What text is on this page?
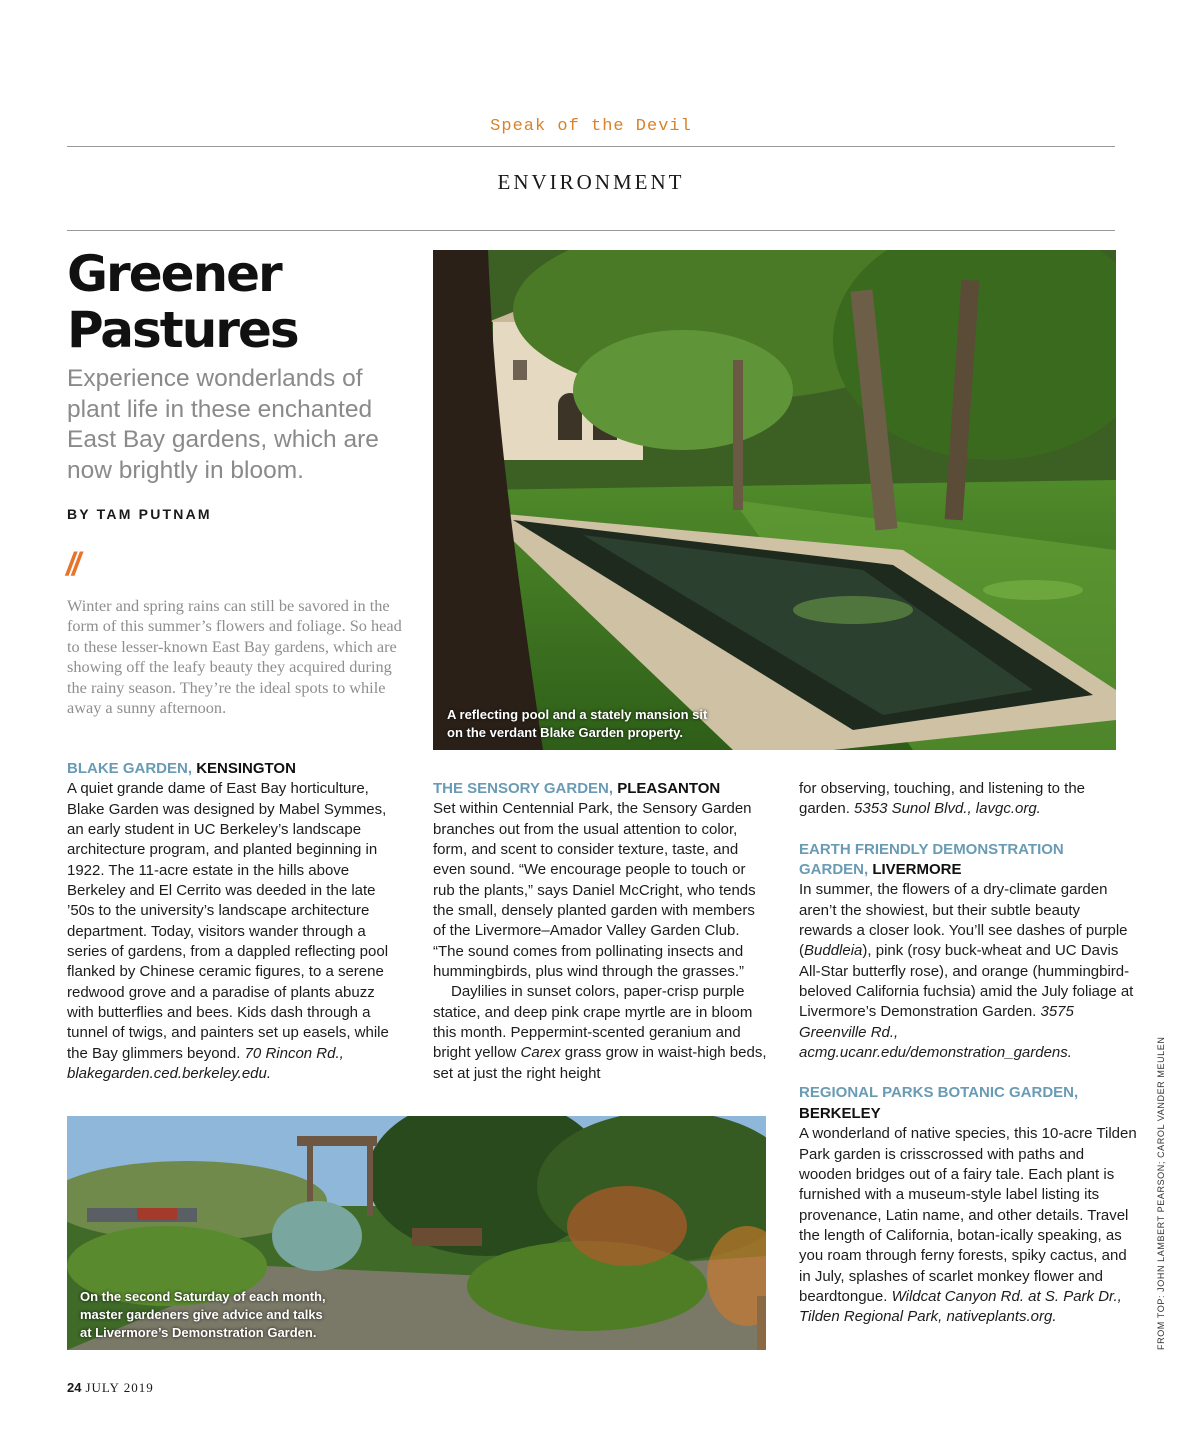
Speak of the Devil
ENVIRONMENT
Greener
Pastures
Experience wonderlands of plant life in these enchanted East Bay gardens, which are now brightly in bloom.
BY TAM PUTNAM
//
Winter and spring rains can still be savored in the form of this summer’s flowers and foliage. So head to these lesser-known East Bay gardens, which are showing off the leafy beauty they acquired during the rainy season. They’re the ideal spots to while away a sunny afternoon.	A reflecting pool and a stately mansion sit
on the verdant Blake Garden property.

BLAKE GARDEN, KENSINGTON

A quiet grande dame of East Bay horticulture, Blake Garden was designed by Mabel Symmes, an early student in UC Berkeley’s landscape architecture program, and planted beginning in 1922. The 11-acre estate in the hills above Berkeley and El Cerrito was deeded in the late ’50s to the university’s landscape architecture department. Today, visitors wander through a series of gardens, from a dappled reflecting pool flanked by Chinese ceramic figures, to a serene redwood grove and a paradise of plants abuzz with butterflies and bees. Kids dash through a tunnel of twigs, and painters set up easels, while the Bay glimmers beyond. 70 Rincon Rd., blakegarden.ced.berkeley.edu.

THE SENSORY GARDEN, PLEASANTON

Set within Centennial Park, the Sensory Garden branches out from the usual attention to color, form, and scent to consider texture, taste, and even sound. “We encourage people to touch or rub the plants,” says Daniel McCright, who tends the small, densely planted garden with members of the Livermore–Amador Valley Garden Club. “The sound comes from pollinating insects and hummingbirds, plus wind through the grasses.”

Daylilies in sunset colors, paper-crisp purple statice, and deep pink crape myrtle are in bloom this month. Peppermint-scented geranium and bright yellow Carex grass grow in waist-high beds, set at just the right height

for observing, touching, and listening to the garden. 5353 Sunol Blvd., lavgc.org.

EARTH FRIENDLY DEMONSTRATION
GARDEN, LIVERMORE

In summer, the flowers of a dry-climate garden aren’t the showiest, but their subtle beauty rewards a closer look. You’ll see dashes of purple (Buddleia), pink (rosy buck-wheat and UC Davis All-Star butterfly rose), and orange (hummingbird-beloved California fuchsia) amid the July foliage at Livermore’s Demonstration Garden. 3575 Greenville Rd., acmg.ucanr.edu/demonstration_gardens.

REGIONAL PARKS BOTANIC GARDEN,
BERKELEY

A wonderland of native species, this 10-acre Tilden Park garden is crisscrossed with paths and wooden bridges out of a fairy tale. Each plant is furnished with a museum-style label listing its provenance, Latin name, and other details. Travel the length of California, botan-ically speaking, as you roam through ferny forests, spiky cactus, and in July, splashes of scarlet monkey flower and beardtongue. Wildcat Canyon Rd. at S. Park Dr., Tilden Regional Park, nativeplants.org.

On the second Saturday of each month,
master gardeners give advice and talks
at Livermore’s Demonstration Garden.	FROM TOP: JOHN LAMBERT PEARSON; CAROL VANDER MEULEN
24 JULY 2019
